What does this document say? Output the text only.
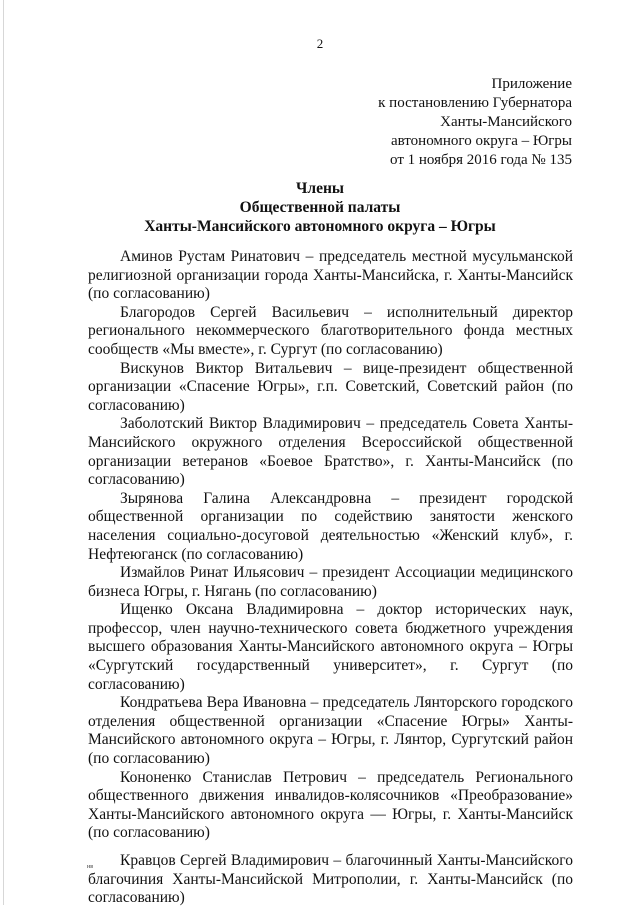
2
Приложение
к постановлению Губернатора
Ханты-Мансийского
автономного округа – Югры
от 1 ноября 2016 года № 135
Члены
Общественной палаты
Ханты-Мансийского автономного округа – Югры

Аминов Рустам Ринатович – председатель местной мусульманской религиозной организации города Ханты-Мансийска, г. Ханты-Мансийск (по согласованию)

Благородов Сергей Васильевич – исполнительный директор регионального некоммерческого благотворительного фонда местных сообществ «Мы вместе», г. Сургут (по согласованию)

Вискунов Виктор Витальевич – вице-президент общественной организации «Спасение Югры», г.п. Советский, Советский район (по согласованию)

Заболотский Виктор Владимирович – председатель Совета Ханты-Мансийского окружного отделения Всероссийской общественной организации ветеранов «Боевое Братство», г. Ханты-Мансийск (по согласованию)

Зырянова Галина Александровна – президент городской общественной организации по содействию занятости женского населения социально-досуговой деятельностью «Женский клуб», г. Нефтеюганск (по согласованию)

Измайлов Ринат Ильясович – президент Ассоциации медицинского бизнеса Югры, г. Нягань (по согласованию)

Ищенко Оксана Владимировна – доктор исторических наук, профессор, член научно-технического совета бюджетного учреждения высшего образования Ханты-Мансийского автономного округа – Югры «Сургутский государственный университет», г. Сургут (по согласованию)

Кондратьева Вера Ивановна – председатель Лянторского городского отделения общественной организации «Спасение Югры» Ханты-Мансийского автономного округа – Югры, г. Лянтор, Сургутский район (по согласованию)

Кононенко Станислав Петрович – председатель Регионального общественного движения инвалидов-колясочников «Преобразование» Ханты-Мансийского автономного округа — Югры, г. Ханты-Мансийск (по согласованию)

Кравцов Сергей Владимирович – благочинный Ханты-Мансийского благочиния Ханты-Мансийской Митрополии, г. Ханты-Мансийск (по согласованию)

нв
